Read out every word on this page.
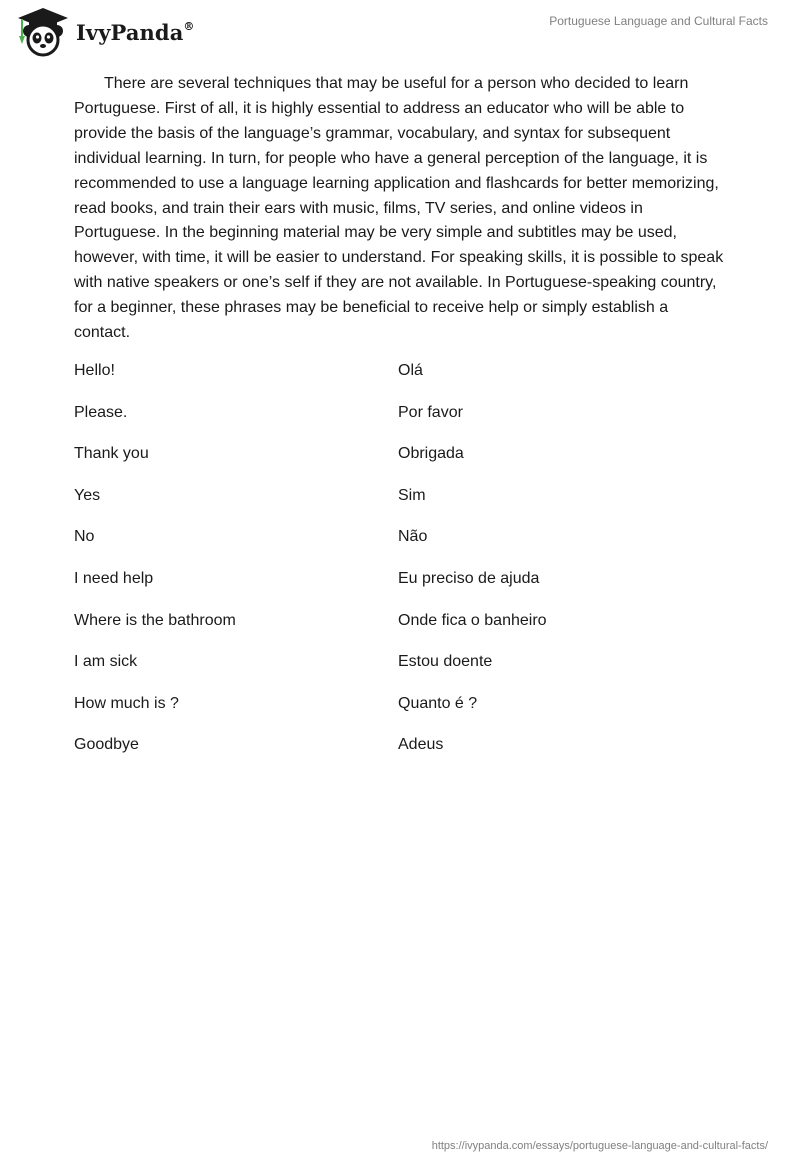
IvyPanda®	Portuguese Language and Cultural Facts

There are several techniques that may be useful for a person who decided to learn Portuguese. First of all, it is highly essential to address an educator who will be able to provide the basis of the language’s grammar, vocabulary, and syntax for subsequent individual learning. In turn, for people who have a general perception of the language, it is recommended to use a language learning application and flashcards for better memorizing, read books, and train their ears with music, films, TV series, and online videos in Portuguese. In the beginning material may be very simple and subtitles may be used, however, with time, it will be easier to understand. For speaking skills, it is possible to speak with native speakers or one’s self if they are not available. In Portuguese-speaking country, for a beginner, these phrases may be beneficial to receive help or simply establish a contact.

Hello!	Olá
Please.	Por favor
Thank you	Obrigada
Yes	Sim
No	Não
I need help	Eu preciso de ajuda
Where is the bathroom	Onde fica o banheiro
I am sick	Estou doente
How much is ?	Quanto é ?
Goodbye	Adeus
https://ivypanda.com/essays/portuguese-language-and-cultural-facts/
